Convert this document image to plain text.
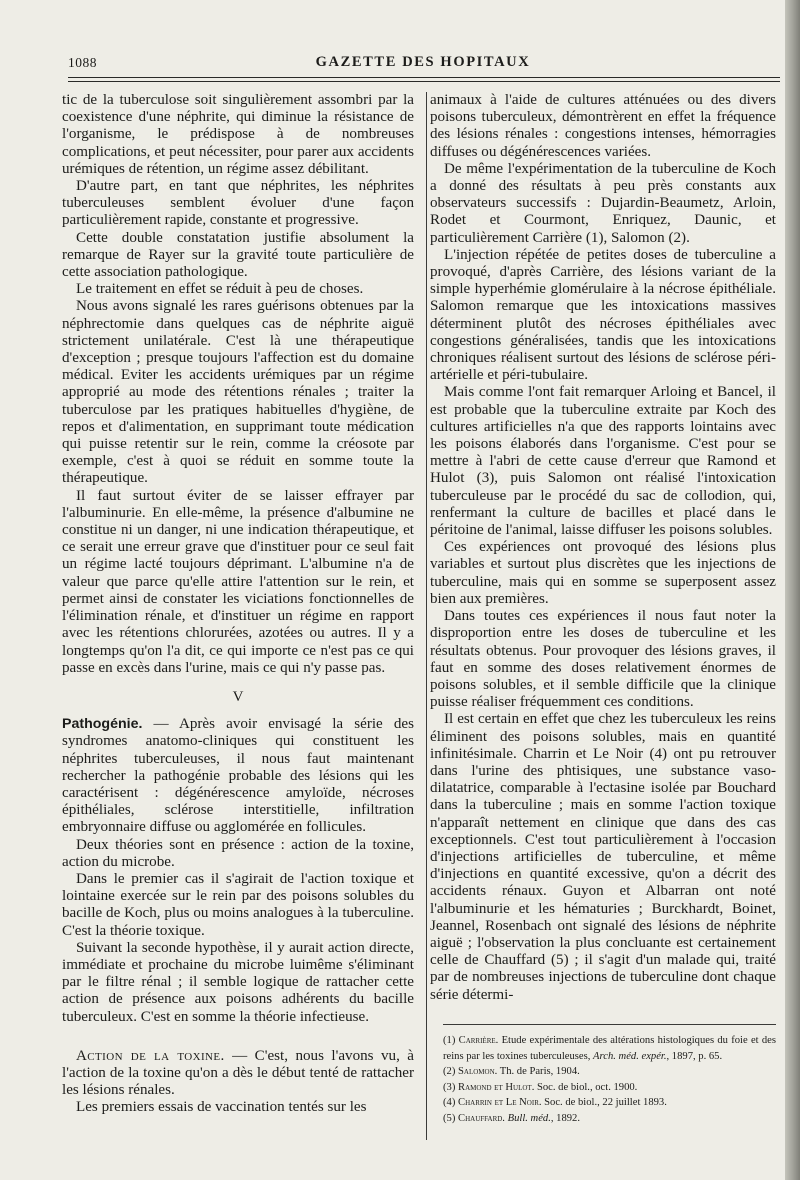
1088	GAZETTE DES HOPITAUX

tic de la tuberculose soit singulièrement assombri par la coexistence d'une néphrite, qui diminue la résistance de l'organisme, le prédispose à de nombreuses complications, et peut nécessiter, pour parer aux accidents urémiques de rétention, un régime assez débilitant.

D'autre part, en tant que néphrites, les néphrites tuberculeuses semblent évoluer d'une façon particulièrement rapide, constante et progressive.

Cette double constatation justifie absolument la remarque de Rayer sur la gravité toute particulière de cette association pathologique.

Le traitement en effet se réduit à peu de choses.

Nous avons signalé les rares guérisons obtenues par la néphrectomie dans quelques cas de néphrite aiguë strictement unilatérale. C'est là une thérapeutique d'exception ; presque toujours l'affection est du domaine médical. Eviter les accidents urémiques par un régime approprié au mode des rétentions rénales ; traiter la tuberculose par les pratiques habituelles d'hygiène, de repos et d'alimentation, en supprimant toute médication qui puisse retentir sur le rein, comme la créosote par exemple, c'est à quoi se réduit en somme toute la thérapeutique.

Il faut surtout éviter de se laisser effrayer par l'albuminurie. En elle-même, la présence d'albumine ne constitue ni un danger, ni une indication thérapeutique, et ce serait une erreur grave que d'instituer pour ce seul fait un régime lacté toujours déprimant. L'albumine n'a de valeur que parce qu'elle attire l'attention sur le rein, et permet ainsi de constater les viciations fonctionnelles de l'élimination rénale, et d'instituer un régime en rapport avec les rétentions chlorurées, azotées ou autres. Il y a longtemps qu'on l'a dit, ce qui importe ce n'est pas ce qui passe en excès dans l'urine, mais ce qui n'y passe pas.

V

Pathogénie. — Après avoir envisagé la série des syndromes anatomo-cliniques qui constituent les néphrites tuberculeuses, il nous faut maintenant rechercher la pathogénie probable des lésions qui les caractérisent : dégénérescence amyloïde, nécroses épithéliales, sclérose interstitielle, infiltration embryonnaire diffuse ou agglomérée en follicules.

Deux théories sont en présence : action de la toxine, action du microbe.

Dans le premier cas il s'agirait de l'action toxique et lointaine exercée sur le rein par des poisons solubles du bacille de Koch, plus ou moins analogues à la tuberculine. C'est la théorie toxique.

Suivant la seconde hypothèse, il y aurait action directe, immédiate et prochaine du microbe luimême s'éliminant par le filtre rénal ; il semble logique de rattacher cette action de présence aux poisons adhérents du bacille tuberculeux. C'est en somme la théorie infectieuse.

Action de la toxine. — C'est, nous l'avons vu, à l'action de la toxine qu'on a dès le début tenté de rattacher les lésions rénales.

Les premiers essais de vaccination tentés sur les

animaux à l'aide de cultures atténuées ou des divers poisons tuberculeux, démontrèrent en effet la fréquence des lésions rénales : congestions intenses, hémorragies diffuses ou dégénérescences variées.

De même l'expérimentation de la tuberculine de Koch a donné des résultats à peu près constants aux observateurs successifs : Dujardin-Beaumetz, Arloin, Rodet et Courmont, Enriquez, Daunic, et particulièrement Carrière (1), Salomon (2).

L'injection répétée de petites doses de tuberculine a provoqué, d'après Carrière, des lésions variant de la simple hyperhémie glomérulaire à la nécrose épithéliale. Salomon remarque que les intoxications massives déterminent plutôt des nécroses épithéliales avec congestions généralisées, tandis que les intoxications chroniques réalisent surtout des lésions de sclérose péri-artérielle et péri-tubulaire.

Mais comme l'ont fait remarquer Arloing et Bancel, il est probable que la tuberculine extraite par Koch des cultures artificielles n'a que des rapports lointains avec les poisons élaborés dans l'organisme. C'est pour se mettre à l'abri de cette cause d'erreur que Ramond et Hulot (3), puis Salomon ont réalisé l'intoxication tuberculeuse par le procédé du sac de collodion, qui, renfermant la culture de bacilles et placé dans le péritoine de l'animal, laisse diffuser les poisons solubles.

Ces expériences ont provoqué des lésions plus variables et surtout plus discrètes que les injections de tuberculine, mais qui en somme se superposent assez bien aux premières.

Dans toutes ces expériences il nous faut noter la disproportion entre les doses de tuberculine et les résultats obtenus. Pour provoquer des lésions graves, il faut en somme des doses relativement énormes de poisons solubles, et il semble difficile que la clinique puisse réaliser fréquemment ces conditions.

Il est certain en effet que chez les tuberculeux les reins éliminent des poisons solubles, mais en quantité infinitésimale. Charrin et Le Noir (4) ont pu retrouver dans l'urine des phtisiques, une substance vaso-dilatatrice, comparable à l'ectasine isolée par Bouchard dans la tuberculine ; mais en somme l'action toxique n'apparaît nettement en clinique que dans des cas exceptionnels. C'est tout particulièrement à l'occasion d'injections artificielles de tuberculine, et même d'injections en quantité excessive, qu'on a décrit des accidents rénaux. Guyon et Albarran ont noté l'albuminurie et les hématuries ; Burckhardt, Boinet, Jeannel, Rosenbach ont signalé des lésions de néphrite aiguë ; l'observation la plus concluante est certainement celle de Chauffard (5) ; il s'agit d'un malade qui, traité par de nombreuses injections de tuberculine dont chaque série détermi-

(1) Carrière. Etude expérimentale des altérations histologiques du foie et des reins par les toxines tuberculeuses, Arch. méd. expér., 1897, p. 65.
(2) Salomon. Th. de Paris, 1904.
(3) Ramond et Hulot. Soc. de biol., oct. 1900.
(4) Charrin et Le Noir. Soc. de biol., 22 juillet 1893.
(5) Chauffard. Bull. méd., 1892.
